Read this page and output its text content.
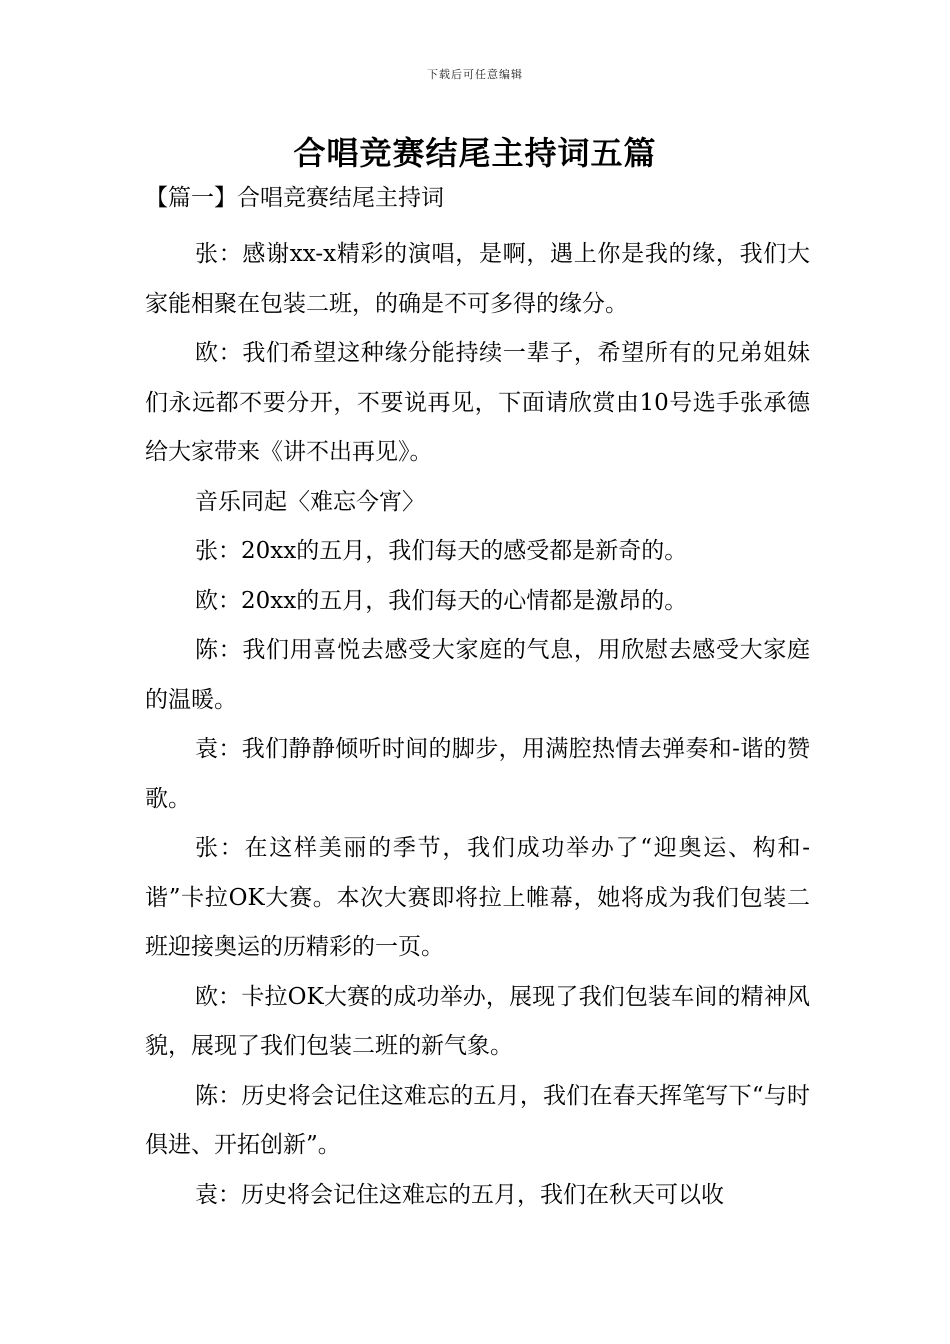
下载后可任意编辑
合唱竞赛结尾主持词五篇
【篇一】合唱竞赛结尾主持词

张：感谢xx-x精彩的演唱，是啊，遇上你是我的缘，我们大家能相聚在包装二班，的确是不可多得的缘分。

欧：我们希望这种缘分能持续一辈子，希望所有的兄弟姐妹们永远都不要分开，不要说再见，下面请欣赏由10号选手张承德给大家带来《讲不出再见》。

音乐同起〈难忘今宵〉

张：20xx的五月，我们每天的感受都是新奇的。

欧：20xx的五月，我们每天的心情都是激昂的。

陈：我们用喜悦去感受大家庭的气息，用欣慰去感受大家庭的温暖。

袁：我们静静倾听时间的脚步，用满腔热情去弹奏和-谐的赞歌。

张：在这样美丽的季节，我们成功举办了“迎奥运、构和-谐”卡拉OK大赛。本次大赛即将拉上帷幕，她将成为我们包装二班迎接奥运的历精彩的一页。

欧：卡拉OK大赛的成功举办，展现了我们包装车间的精神风貌，展现了我们包装二班的新气象。

陈：历史将会记住这难忘的五月，我们在春天挥笔写下“与时俱进、开拓创新”。

袁：历史将会记住这难忘的五月，我们在秋天可以收
